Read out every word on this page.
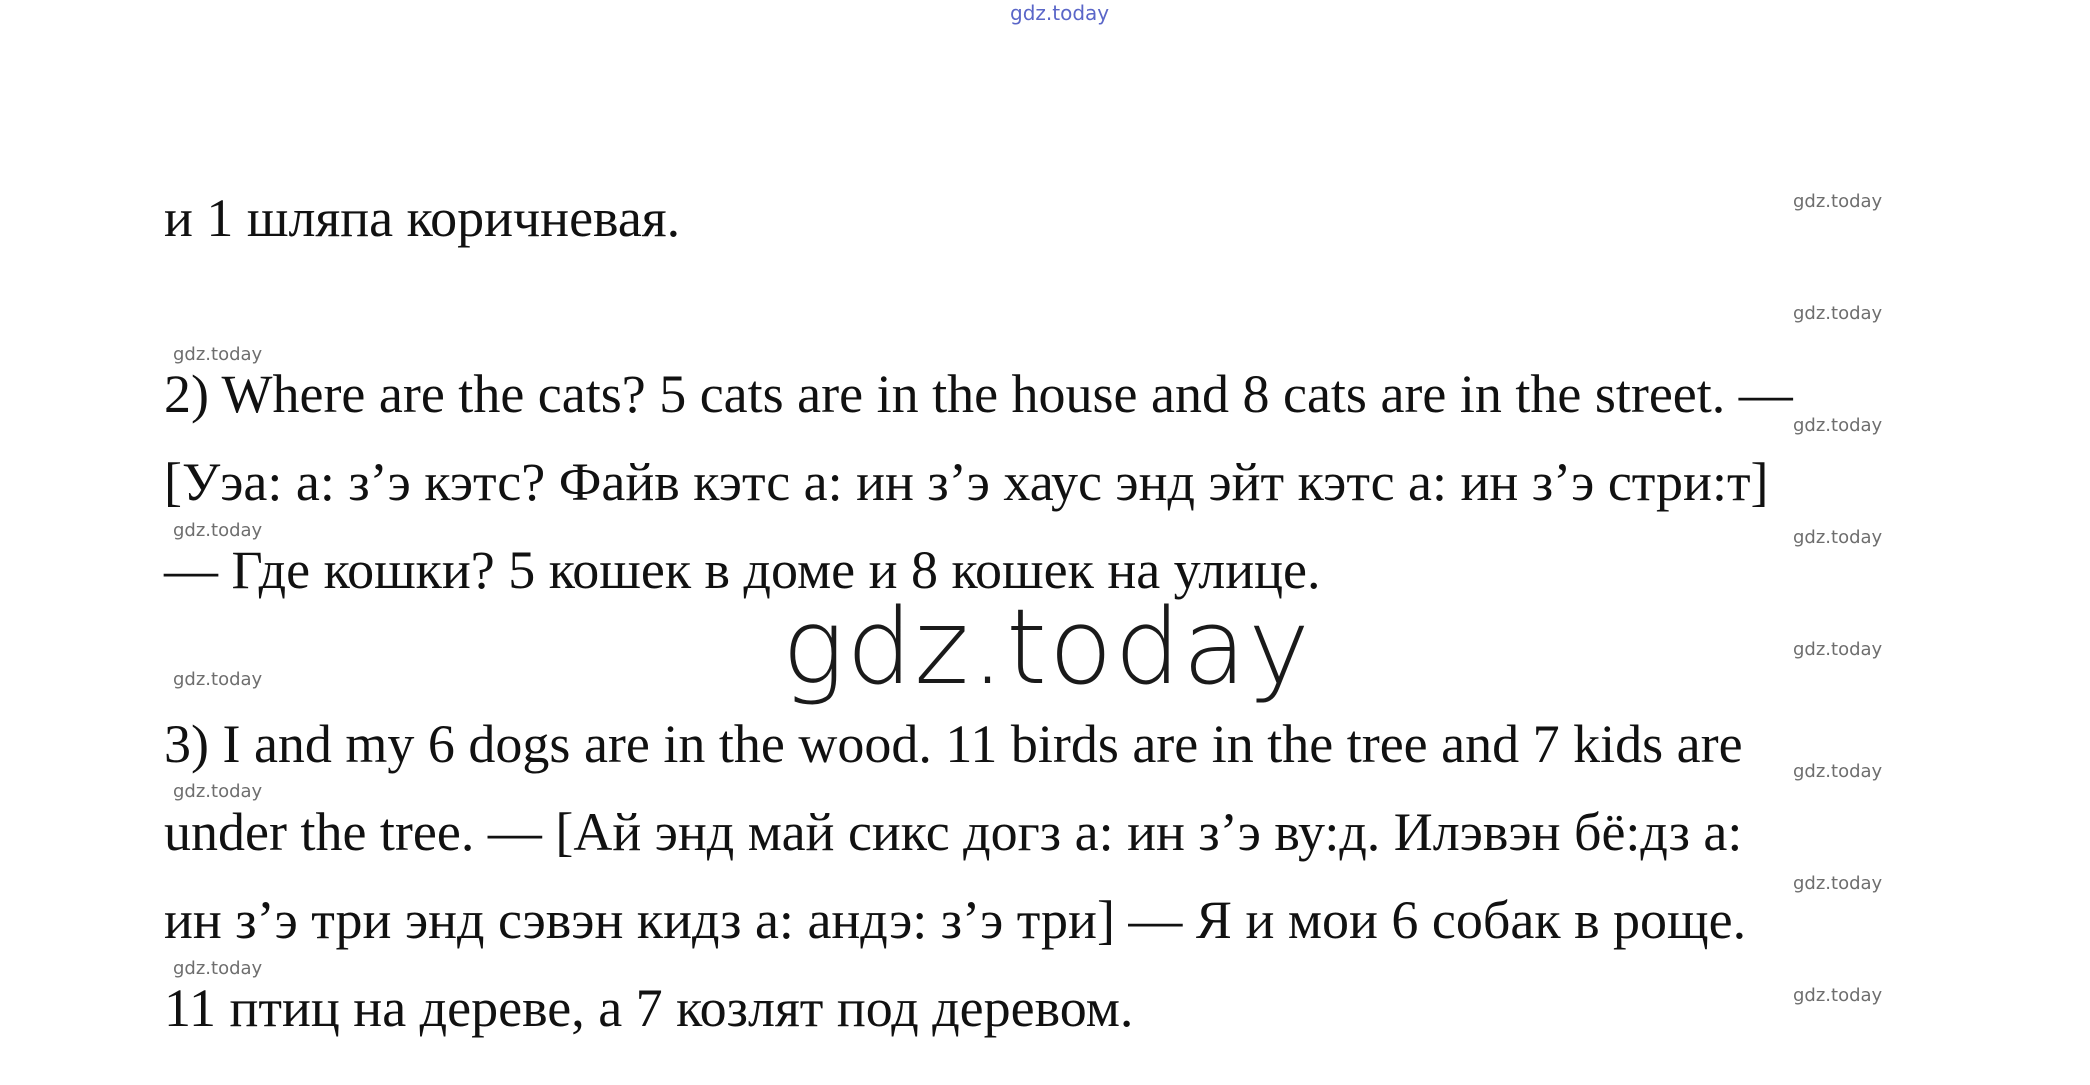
gdz.today
gdz.today
gdz.today
gdz.today
gdz.today
gdz.today
gdz.today
gdz.today
gdz.today
gdz.today
gdz.today
gdz.today
gdz.today
gdz.today
gdz.today
и 1 шляпа коричневая.
2) Where are the cats? 5 cats are in the house and 8 cats are in the street. —
[Уэа: а: з’э кэтс? Файв кэтс а: ин з’э хаус энд эйт кэтс а: ин з’э стри:т]
— Где кошки? 5 кошек в доме и 8 кошек на улице.
3) I and my 6 dogs are in the wood. 11 birds are in the tree and 7 kids are
under the tree. — [Ай энд май сикс догз а: ин з’э ву:д. Илэвэн бё:дз а:
ин з’э три энд сэвэн кидз а: андэ: з’э три] — Я и мои 6 собак в роще.
11 птиц на дереве, а 7 козлят под деревом.
